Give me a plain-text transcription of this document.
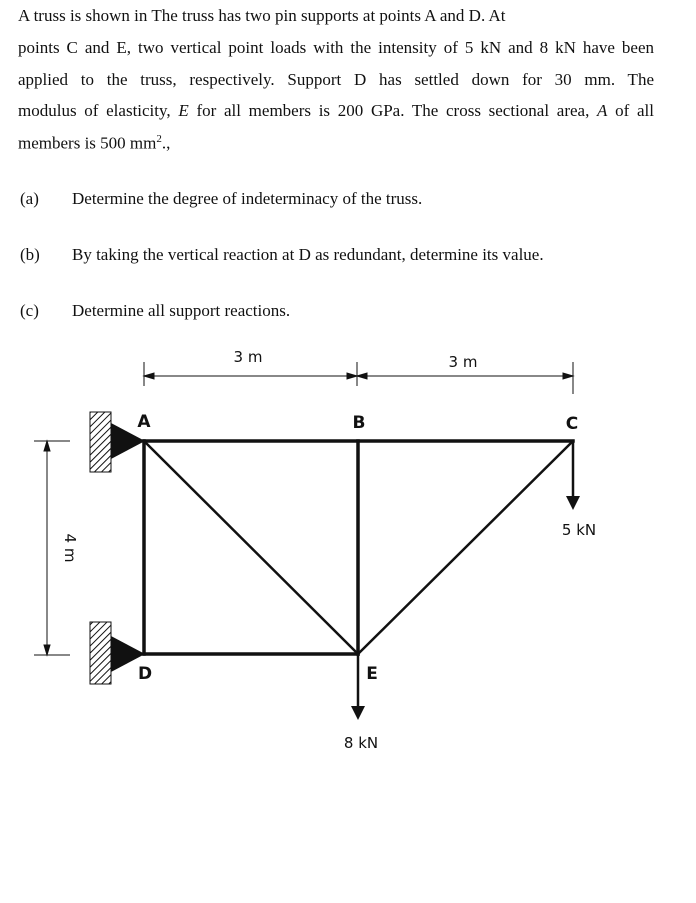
A truss is shown in The truss has two pin supports at points A and D. At
points C and E, two vertical point loads with the intensity of 5 kN and 8 kN have been
applied to the truss, respectively. Support D has settled down for 30 mm. The
modulus of elasticity, E for all members is 200 GPa. The cross sectional area, A of all
members is 500 $mm^2$.,
(a) Determine the degree of indeterminacy of the truss.
(b) By taking the vertical reaction at D as redundant, determine its value.
(c) Determine all support reactions.
3 m	3 m
4 m
A	B	C
D	E
5 kN
8 kN
